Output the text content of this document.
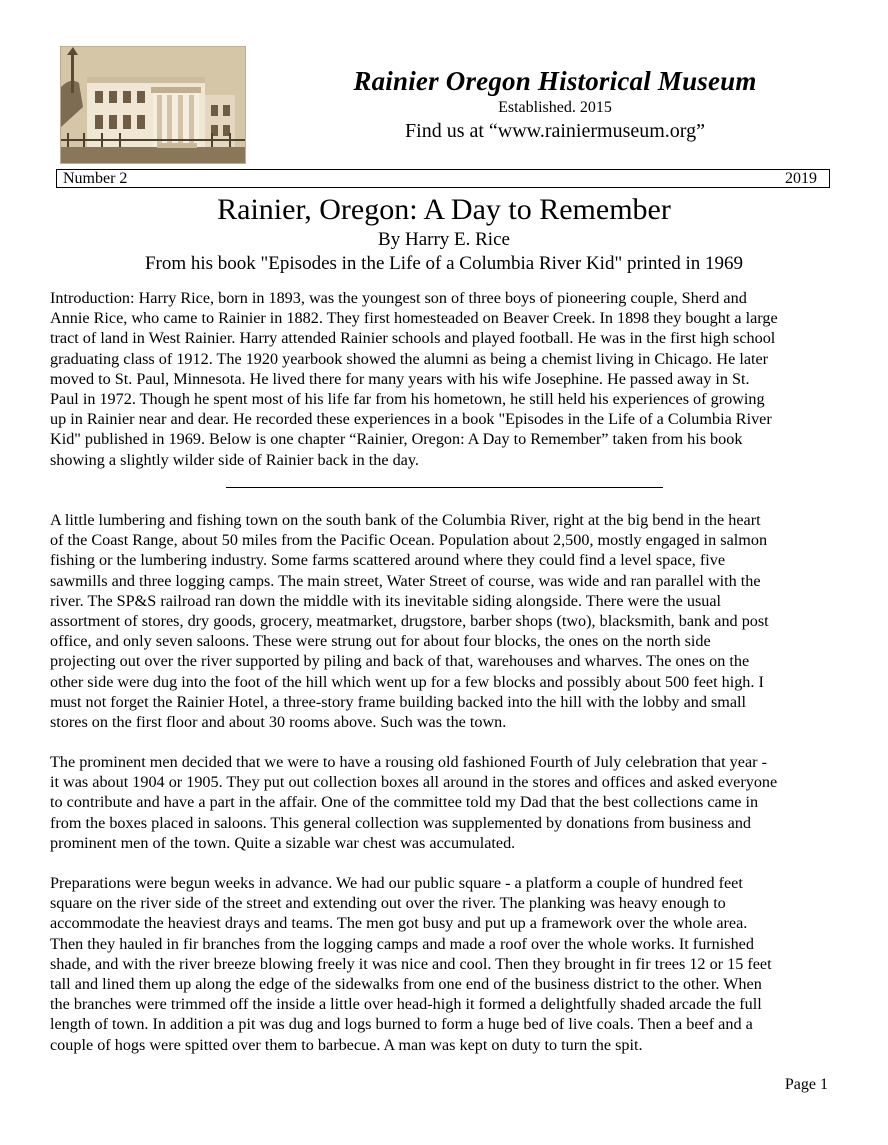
Rainier Oregon Historical Museum
Established. 2015
Find us at “www.rainiermuseum.org”
Number 2	2019
Rainier, Oregon: A Day to Remember
By Harry E. Rice
From his book "Episodes in the Life of a Columbia River Kid" printed in 1969
Introduction: Harry Rice, born in 1893, was the youngest son of three boys of pioneering couple, Sherd and
Annie Rice, who came to Rainier in 1882. They first homesteaded on Beaver Creek. In 1898 they bought a large
tract of land in West Rainier. Harry attended Rainier schools and played football. He was in the first high school
graduating class of 1912. The 1920 yearbook showed the alumni as being a chemist living in Chicago. He later
moved to St. Paul, Minnesota. He lived there for many years with his wife Josephine. He passed away in St.
Paul in 1972. Though he spent most of his life far from his hometown, he still held his experiences of growing
up in Rainier near and dear. He recorded these experiences in a book "Episodes in the Life of a Columbia River
Kid" published in 1969. Below is one chapter “Rainier, Oregon: A Day to Remember” taken from his book
showing a slightly wilder side of Rainier back in the day.
A little lumbering and fishing town on the south bank of the Columbia River, right at the big bend in the heart
of the Coast Range, about 50 miles from the Pacific Ocean. Population about 2,500, mostly engaged in salmon
fishing or the lumbering industry. Some farms scattered around where they could find a level space, five
sawmills and three logging camps. The main street, Water Street of course, was wide and ran parallel with the
river. The SP&S railroad ran down the middle with its inevitable siding alongside. There were the usual
assortment of stores, dry goods, grocery, meatmarket, drugstore, barber shops (two), blacksmith, bank and post
office, and only seven saloons. These were strung out for about four blocks, the ones on the north side
projecting out over the river supported by piling and back of that, warehouses and wharves. The ones on the
other side were dug into the foot of the hill which went up for a few blocks and possibly about 500 feet high. I
must not forget the Rainier Hotel, a three-story frame building backed into the hill with the lobby and small
stores on the first floor and about 30 rooms above. Such was the town.
The prominent men decided that we were to have a rousing old fashioned Fourth of July celebration that year -
it was about 1904 or 1905. They put out collection boxes all around in the stores and offices and asked everyone
to contribute and have a part in the affair. One of the committee told my Dad that the best collections came in
from the boxes placed in saloons. This general collection was supplemented by donations from business and
prominent men of the town. Quite a sizable war chest was accumulated.
Preparations were begun weeks in advance. We had our public square - a platform a couple of hundred feet
square on the river side of the street and extending out over the river. The planking was heavy enough to
accommodate the heaviest drays and teams. The men got busy and put up a framework over the whole area.
Then they hauled in fir branches from the logging camps and made a roof over the whole works. It furnished
shade, and with the river breeze blowing freely it was nice and cool. Then they brought in fir trees 12 or 15 feet
tall and lined them up along the edge of the sidewalks from one end of the business district to the other. When
the branches were trimmed off the inside a little over head-high it formed a delightfully shaded arcade the full
length of town. In addition a pit was dug and logs burned to form a huge bed of live coals. Then a beef and a
couple of hogs were spitted over them to barbecue. A man was kept on duty to turn the spit.
Page 1
